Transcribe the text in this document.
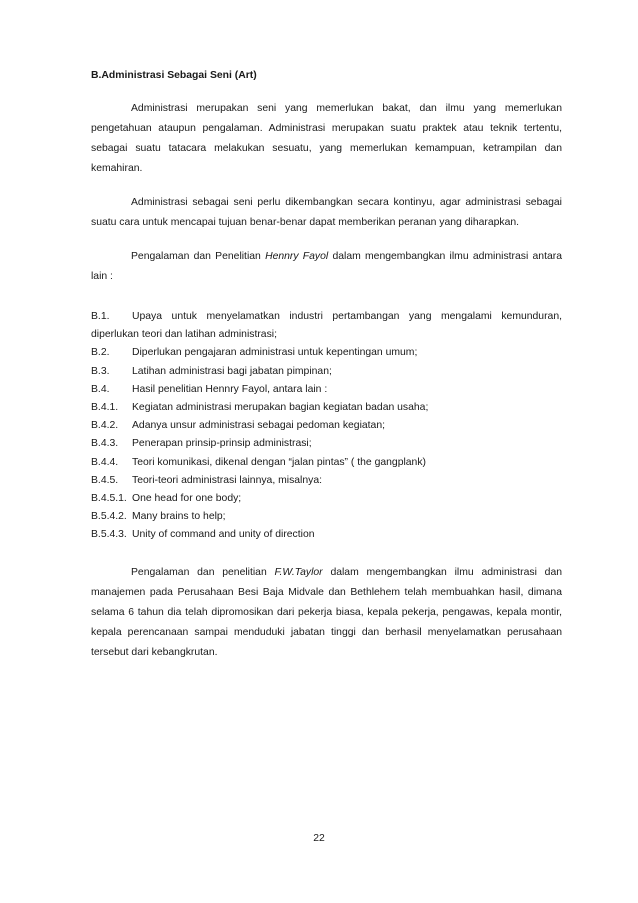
B.Administrasi Sebagai Seni (Art)

Administrasi merupakan seni yang memerlukan bakat, dan ilmu yang memerlukan pengetahuan ataupun pengalaman. Administrasi merupakan suatu praktek atau teknik tertentu, sebagai suatu tatacara melakukan sesuatu, yang memerlukan kemampuan, ketrampilan dan kemahiran.

Administrasi sebagai seni perlu dikembangkan secara kontinyu, agar administrasi sebagai suatu cara untuk mencapai tujuan benar-benar dapat memberikan peranan yang diharapkan.

Pengalaman dan Penelitian Hennry Fayol dalam mengembangkan ilmu administrasi antara lain :

B.1.	Upaya untuk menyelamatkan industri pertambangan yang mengalami kemunduran,
diperlukan teori dan latihan administrasi;
B.2. Diperlukan pengajaran administrasi untuk kepentingan umum;
B.3. Latihan administrasi bagi jabatan pimpinan;
B.4. Hasil penelitian Hennry Fayol, antara lain :
B.4.1. Kegiatan administrasi merupakan bagian kegiatan badan usaha;
B.4.2. Adanya unsur administrasi sebagai pedoman kegiatan;
B.4.3. Penerapan prinsip-prinsip administrasi;
B.4.4. Teori komunikasi, dikenal dengan “jalan pintas” ( the gangplank)
B.4.5. Teori-teori administrasi lainnya, misalnya:
B.4.5.1. One head for one body;
B.5.4.2. Many brains to help;
B.5.4.3. Unity of command and unity of direction

Pengalaman dan penelitian F.W.Taylor dalam mengembangkan ilmu administrasi dan manajemen pada Perusahaan Besi Baja Midvale dan Bethlehem telah membuahkan hasil, dimana selama 6 tahun dia telah dipromosikan dari pekerja biasa, kepala pekerja, pengawas, kepala montir, kepala perencanaan sampai menduduki jabatan tinggi dan berhasil menyelamatkan perusahaan tersebut dari kebangkrutan.

22
